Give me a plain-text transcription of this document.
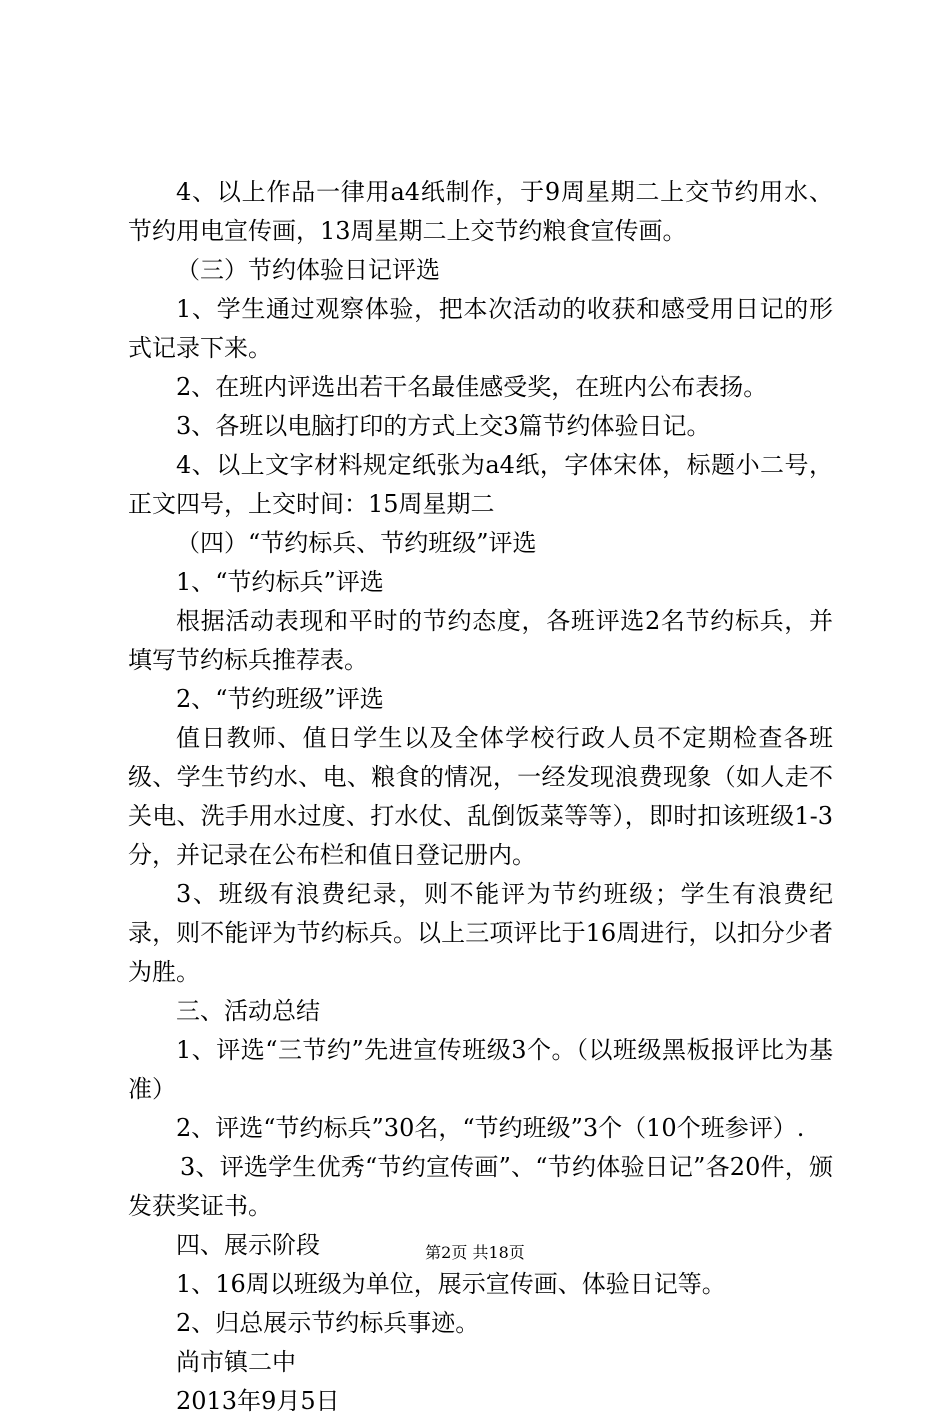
4、以上作品一律用a4纸制作，于9周星期二上交节约用水、节约用电宣传画，13周星期二上交节约粮食宣传画。

（三）节约体验日记评选

1、学生通过观察体验，把本次活动的收获和感受用日记的形式记录下来。

2、在班内评选出若干名最佳感受奖，在班内公布表扬。

3、各班以电脑打印的方式上交3篇节约体验日记。

4、以上文字材料规定纸张为a4纸，字体宋体，标题小二号，正文四号，上交时间：15周星期二

（四）“节约标兵、节约班级”评选

1、“节约标兵”评选

根据活动表现和平时的节约态度，各班评选2名节约标兵，并填写节约标兵推荐表。

2、“节约班级”评选

值日教师、值日学生以及全体学校行政人员不定期检查各班级、学生节约水、电、粮食的情况，一经发现浪费现象（如人走不关电、洗手用水过度、打水仗、乱倒饭菜等等），即时扣该班级1-3分，并记录在公布栏和值日登记册内。

3、班级有浪费纪录，则不能评为节约班级；学生有浪费纪录，则不能评为节约标兵。以上三项评比于16周进行，以扣分少者为胜。

三、活动总结

1、评选“三节约”先进宣传班级3个。（以班级黑板报评比为基准）

2、评选“节约标兵”30名，“节约班级”3个（10个班参评）.

3、评选学生优秀“节约宣传画”、“节约体验日记”各20件，颁发获奖证书。

四、展示阶段

1、16周以班级为单位，展示宣传画、体验日记等。

2、归总展示节约标兵事迹。

尚市镇二中

2013年9月5日

第2页 共18页
